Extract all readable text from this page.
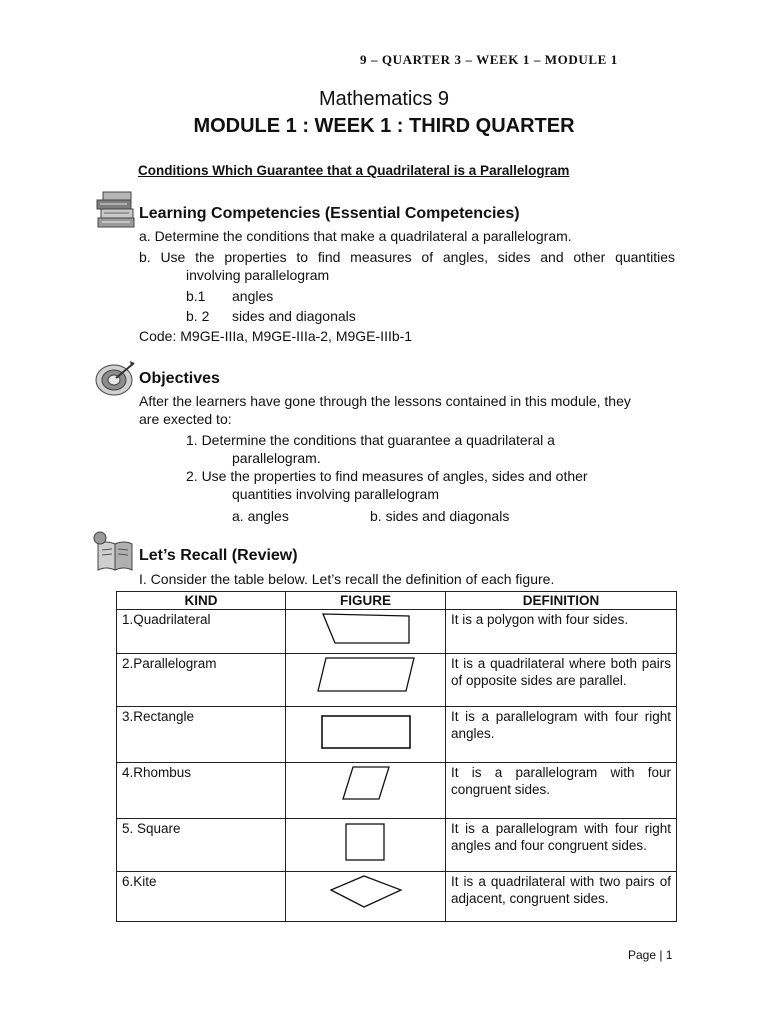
9 – QUARTER 3 – WEEK 1 – MODULE 1
Mathematics 9
MODULE 1 : WEEK 1 : THIRD QUARTER
Conditions Which Guarantee that a Quadrilateral is a Parallelogram
Learning Competencies (Essential Competencies)
a. Determine the conditions that make a quadrilateral a parallelogram.
b. Use the properties to find measures of angles, sides and other quantities
involving parallelogram
b.1 angles
b. 2 sides and diagonals
Code: M9GE-IIIa, M9GE-IIIa-2, M9GE-IIIb-1
Objectives
After the learners have gone through the lessons contained in this module, they
are exected to:
1. Determine the conditions that guarantee a quadrilateral a
parallelogram.
2. Use the properties to find measures of angles, sides and other
quantities involving parallelogram
a. angles	b. sides and diagonals
Let’s Recall (Review)
I. Consider the table below. Let’s recall the definition of each figure.
KIND	FIGURE	DEFINITION
1.Quadrilateral		It is a polygon with four sides.
2.Parallelogram		It is a quadrilateral where both pairs of opposite sides are parallel.
3.Rectangle		It is a parallelogram with four right angles.
4.Rhombus		It is a parallelogram with four congruent sides.
5. Square		It is a parallelogram with four right angles and four congruent sides.
6.Kite		It is a quadrilateral with two pairs of adjacent, congruent sides.
Page | 1
